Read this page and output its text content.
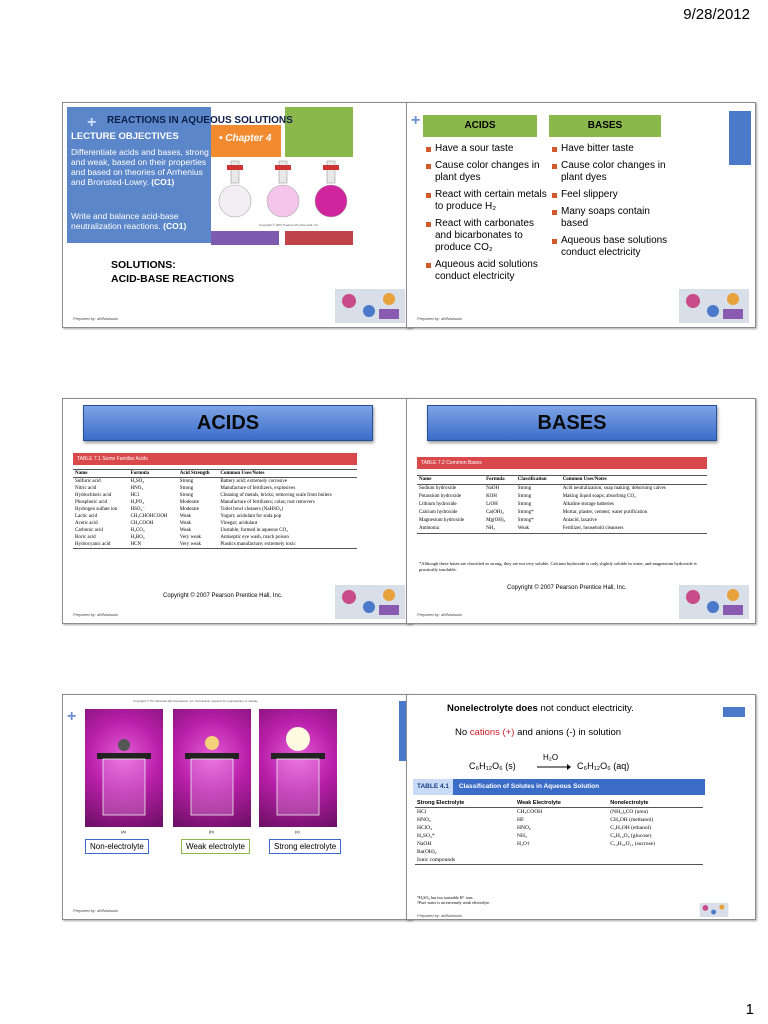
9/28/2012
+ REACTIONS IN AQUEOUS SOLUTIONS
LECTURE OBJECTIVES	• Chapter 4
Differentiate acids and bases, strong and weak, based on their properties and based on theories of Arrhenius and Bronsted-Lowry. (CO1)
Write and balance acid-base neutralization reactions. (CO1)	Copyright © 2007 Pearson Prentice Hall, Inc.
SOLUTIONS:
ACID-BASE REACTIONS
Prepared by: aMNatnuda
+	ACIDS	BASES
Have a sour taste
Cause color changes in plant dyes
React with certain metals to produce H₂
React with carbonates and bicarbonates to produce CO₂
Aqueous acid solutions conduct electricity
Have bitter taste
Cause color changes in plant dyes
Feel slippery
Many soaps contain based
Aqueous base solutions conduct electricity
Prepared by: aMNatnuda
ACIDS
TABLE 7.1 Some Familiar Acids
Name	Formula	Acid Strength	Common Uses/Notes
Sulfuric acid	H₂SO₄	Strong	Battery acid; extremely corrosive
Nitric acid	HNO₃	Strong	Manufacture of fertilizers, explosives
Hydrochloric acid	HCl	Strong	Cleaning of metals, bricks; removing scale from boilers
Phosphoric acid	H₃PO₄	Moderate	Manufacture of fertilizers; colas; rust removers
Hydrogen sulfate ion	HSO₄⁻	Moderate	Toilet bowl cleaners (NaHSO₄)
Lactic acid	CH₃CHOHCOOH	Weak	Yogurt; acidulant for soda pop
Acetic acid	CH₃COOH	Weak	Vinegar; acidulant
Carbonic acid	H₂CO₃	Weak	Unstable; formed in aqueous CO₂
Boric acid	H₃BO₃	Very weak	Antiseptic eye wash, roach poison
Hydrocyanic acid	HCN	Very weak	Plastics manufacture; extremely toxic
Copyright © 2007 Pearson Prentice Hall, Inc.
Prepared by: aMNatnuda
BASES
TABLE 7.2 Common Bases
Name	Formula	Classification	Common Uses/Notes
Sodium hydroxide	NaOH	Strong	Acid neutralization; soap making; dehorning calves
Potassium hydroxide	KOH	Strong	Making liquid soaps; absorbing CO₂
Lithium hydroxide	LiOH	Strong	Alkaline storage batteries
Calcium hydroxide	Ca(OH)₂	Strong*	Mortar, plaster, cement; water purification
Magnesium hydroxide	Mg(OH)₂	Strong*	Antacid, laxative
Ammonia	NH₃	Weak	Fertilizer, household cleansers
*Although these bases are classified as strong, they are not very soluble. Calcium hydroxide is only slightly soluble in water, and magnesium hydroxide is practically insoluble.
Copyright © 2007 Pearson Prentice Hall, Inc.
Prepared by: aMNatnuda
+
Copyright © The McGraw-Hill Companies, Inc. Permission required for reproduction or display.
(a)	(b)	(c)
Non-electrolyte	Weak electrolyte	Strong electrolyte
Prepared by: aMNatnuda
Nonelectrolyte does not conduct electricity.
No cations (+) and anions (-) in solution
C₆H₁₂O₆ (s)
H₂O
→ C₆H₁₂O₆ (aq)
TABLE 4.1 Classification of Solutes in Aqueous Solution
Strong Electrolyte	Weak Electrolyte	Nonelectrolyte
HCl	CH₃COOH	(NH₂)₂CO (urea)
HNO₃	HF	CH₃OH (methanol)
HClO₄	HNO₂	C₂H₅OH (ethanol)
H₂SO₄*	NH₃	C₆H₁₂O₆ (glucose)
NaOH	H₂O†	C₁₂H₂₂O₁₁ (sucrose)
Ba(OH)₂		
Ionic compounds		
*H₂SO₄ has two ionizable H⁺ ions.
†Pure water is an extremely weak electrolyte.
Prepared by: aMNatnuda
1
